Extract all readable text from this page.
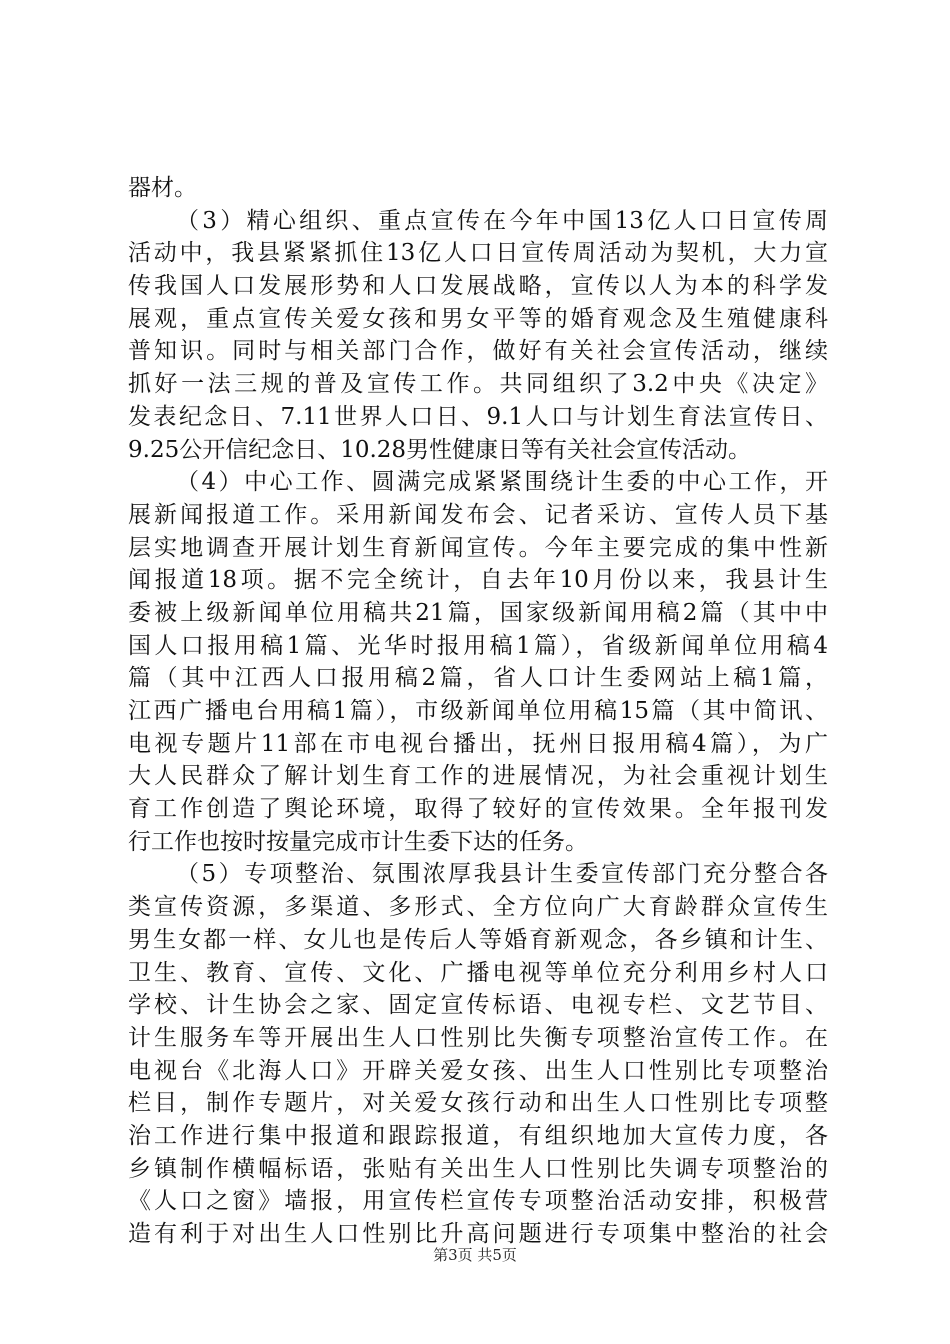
器材。
（3）精心组织、重点宣传在今年中国13亿人口日宣传周
活动中，我县紧紧抓住13亿人口日宣传周活动为契机，大力宣
传我国人口发展形势和人口发展战略，宣传以人为本的科学发
展观，重点宣传关爱女孩和男女平等的婚育观念及生殖健康科
普知识。同时与相关部门合作，做好有关社会宣传活动，继续
抓好一法三规的普及宣传工作。共同组织了3.2中央《决定》
发表纪念日、7.11世界人口日、9.1人口与计划生育法宣传日、
9.25公开信纪念日、10.28男性健康日等有关社会宣传活动。
（4）中心工作、圆满完成紧紧围绕计生委的中心工作，开
展新闻报道工作。采用新闻发布会、记者采访、宣传人员下基
层实地调查开展计划生育新闻宣传。今年主要完成的集中性新
闻报道18项。据不完全统计，自去年10月份以来，我县计生
委被上级新闻单位用稿共21篇，国家级新闻用稿2篇（其中中
国人口报用稿1篇、光华时报用稿1篇），省级新闻单位用稿4
篇（其中江西人口报用稿2篇，省人口计生委网站上稿1篇，
江西广播电台用稿1篇），市级新闻单位用稿15篇（其中简讯、
电视专题片11部在市电视台播出，抚州日报用稿4篇），为广
大人民群众了解计划生育工作的进展情况，为社会重视计划生
育工作创造了舆论环境，取得了较好的宣传效果。全年报刊发
行工作也按时按量完成市计生委下达的任务。
（5）专项整治、氛围浓厚我县计生委宣传部门充分整合各
类宣传资源，多渠道、多形式、全方位向广大育龄群众宣传生
男生女都一样、女儿也是传后人等婚育新观念，各乡镇和计生、
卫生、教育、宣传、文化、广播电视等单位充分利用乡村人口
学校、计生协会之家、固定宣传标语、电视专栏、文艺节目、
计生服务车等开展出生人口性别比失衡专项整治宣传工作。在
电视台《北海人口》开辟关爱女孩、出生人口性别比专项整治
栏目，制作专题片，对关爱女孩行动和出生人口性别比专项整
治工作进行集中报道和跟踪报道，有组织地加大宣传力度，各
乡镇制作横幅标语，张贴有关出生人口性别比失调专项整治的
《人口之窗》墙报，用宣传栏宣传专项整治活动安排，积极营
造有利于对出生人口性别比升高问题进行专项集中整治的社会
第3页 共5页
